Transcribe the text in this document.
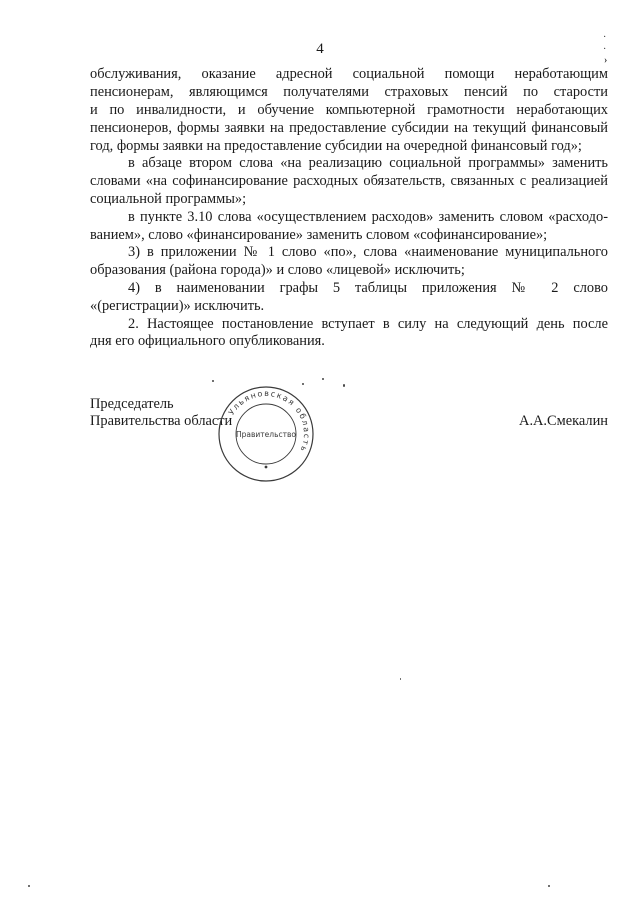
4
·
·
›
обслуживания, оказание адресной социальной помощи неработающим
пенсионерам, являющимся получателями страховых пенсий по старости
и по инвалидности, и обучение компьютерной грамотности неработающих
пенсионеров, формы заявки на предоставление субсидии на текущий финансовый
год, формы заявки на предоставление субсидии на очередной финансовый год»;
в абзаце втором слова «на реализацию социальной программы» заменить
словами «на софинансирование расходных обязательств, связанных с реализацией
социальной программы»;
в пункте 3.10 слова «осуществлением расходов» заменить словом «расходо-
ванием», слово «финансирование» заменить словом «софинансирование»;
3) в приложении № 1 слово «по», слова «наименование муниципального
образования (района города)» и слово «лицевой» исключить;
4) в наименовании графы 5 таблицы приложения № 2 слово
«(регистрации)» исключить.
2. Настоящее постановление вступает в силу на следующий день после
дня его официального опубликования.
Председатель
Правительства области	А.А.Смекалин
Ульяновская область
Правительство
